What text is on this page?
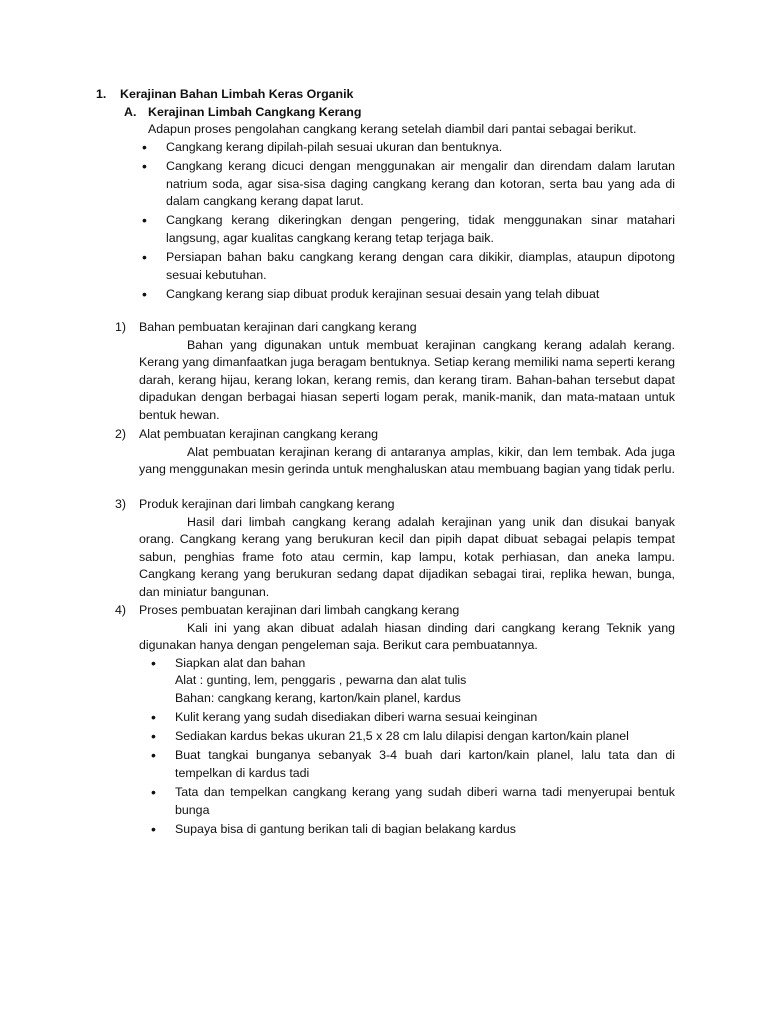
1. Kerajinan Bahan Limbah Keras Organik
A. Kerajinan Limbah Cangkang Kerang
Adapun proses pengolahan cangkang kerang setelah diambil dari pantai sebagai berikut.
• Cangkang kerang dipilah-pilah sesuai ukuran dan bentuknya.
• Cangkang kerang dicuci dengan menggunakan air mengalir dan direndam dalam larutan natrium soda, agar sisa-sisa daging cangkang kerang dan kotoran, serta bau yang ada di dalam cangkang kerang dapat larut.
• Cangkang kerang dikeringkan dengan pengering, tidak menggunakan sinar matahari langsung, agar kualitas cangkang kerang tetap terjaga baik.
• Persiapan bahan baku cangkang kerang dengan cara dikikir, diamplas, ataupun dipotong sesuai kebutuhan.
• Cangkang kerang siap dibuat produk kerajinan sesuai desain yang telah dibuat
1) Bahan pembuatan kerajinan dari cangkang kerang
Bahan yang digunakan untuk membuat kerajinan cangkang kerang adalah kerang. Kerang yang dimanfaatkan juga beragam bentuknya. Setiap kerang memiliki nama seperti kerang darah, kerang hijau, kerang lokan, kerang remis, dan kerang tiram. Bahan-bahan tersebut dapat dipadukan dengan berbagai hiasan seperti logam perak, manik-manik, dan mata-mataan untuk bentuk hewan.
2) Alat pembuatan kerajinan cangkang kerang
Alat pembuatan kerajinan kerang di antaranya amplas, kikir, dan lem tembak. Ada juga yang menggunakan mesin gerinda untuk menghaluskan atau membuang bagian yang tidak perlu.
3) Produk kerajinan dari limbah cangkang kerang
Hasil dari limbah cangkang kerang adalah kerajinan yang unik dan disukai banyak orang. Cangkang kerang yang berukuran kecil dan pipih dapat dibuat sebagai pelapis tempat sabun, penghias frame foto atau cermin, kap lampu, kotak perhiasan, dan aneka lampu. Cangkang kerang yang berukuran sedang dapat dijadikan sebagai tirai, replika hewan, bunga, dan miniatur bangunan.
4) Proses pembuatan kerajinan dari limbah cangkang kerang
Kali ini yang akan dibuat adalah hiasan dinding dari cangkang kerang Teknik yang digunakan hanya dengan pengeleman saja. Berikut cara pembuatannya.
• Siapkan alat dan bahan
Alat : gunting, lem, penggaris , pewarna dan alat tulis
Bahan: cangkang kerang, karton/kain planel, kardus
• Kulit kerang yang sudah disediakan diberi warna sesuai keinginan
• Sediakan kardus bekas ukuran 21,5 x 28 cm lalu dilapisi dengan karton/kain planel
• Buat tangkai bunganya sebanyak 3-4 buah dari karton/kain planel, lalu tata dan di tempelkan di kardus tadi
• Tata dan tempelkan cangkang kerang yang sudah diberi warna tadi menyerupai bentuk bunga
• Supaya bisa di gantung berikan tali di bagian belakang kardus
